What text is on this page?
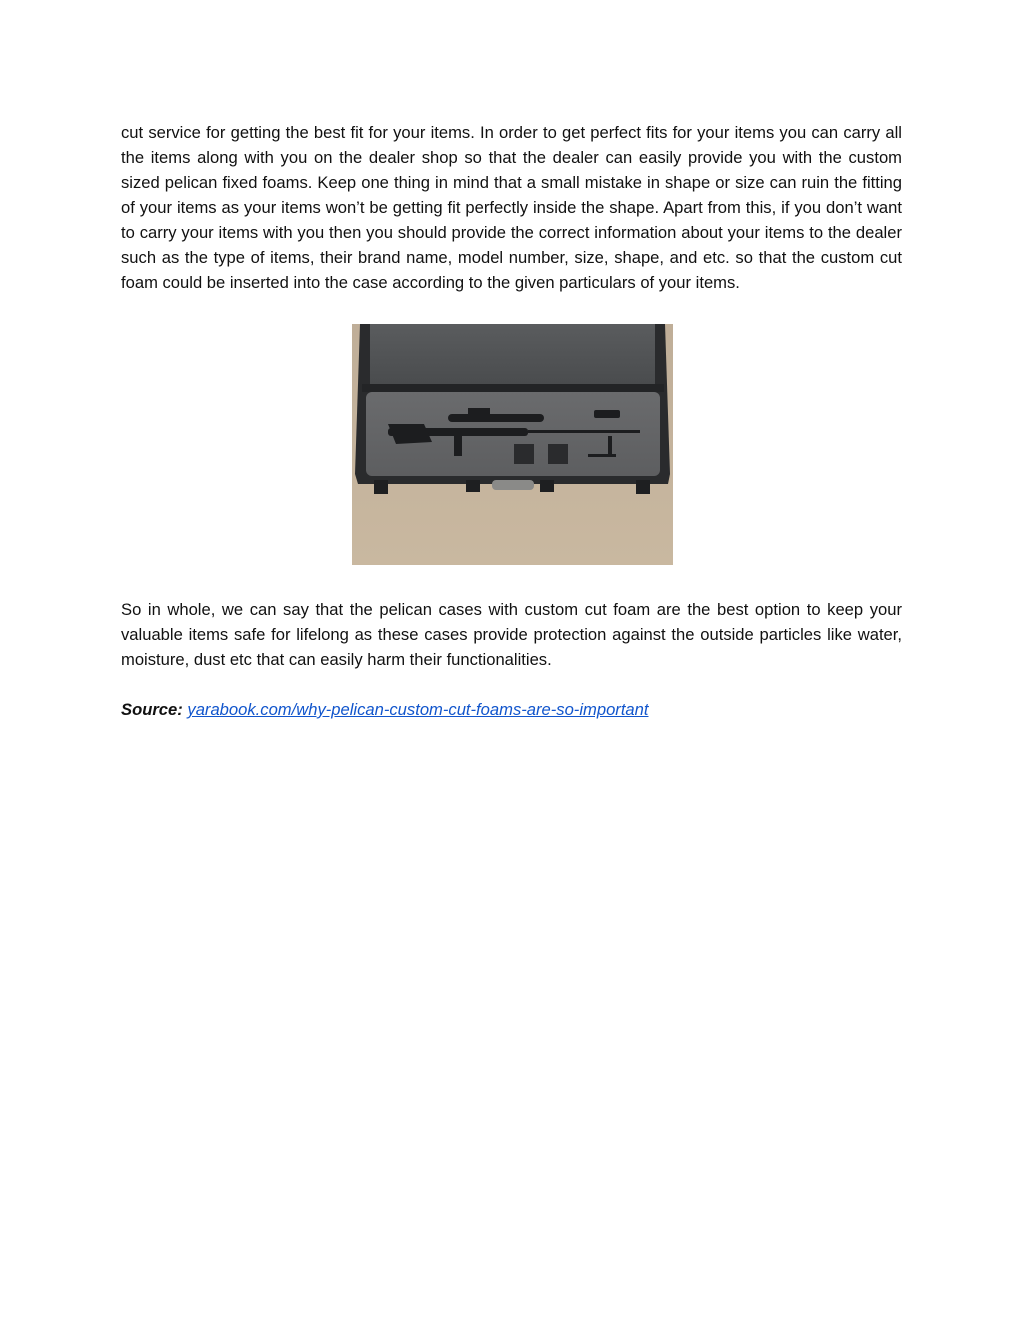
cut service for getting the best fit for your items. In order to get perfect fits for your items you can carry all the items along with you on the dealer shop so that the dealer can easily provide you with the custom sized pelican fixed foams. Keep one thing in mind that a small mistake in shape or size can ruin the fitting of your items as your items won’t be getting fit perfectly inside the shape. Apart from this, if you don’t want to carry your items with you then you should provide the correct information about your items to the dealer such as the type of items, their brand name, model number, size, shape, and etc. so that the custom cut foam could be inserted into the case according to the given particulars of your items.

So in whole, we can say that the pelican cases with custom cut foam are the best option to keep your valuable items safe for lifelong as these cases provide protection against the outside particles like water, moisture, dust etc that can easily harm their functionalities.

Source: yarabook.com/why-pelican-custom-cut-foams-are-so-important
